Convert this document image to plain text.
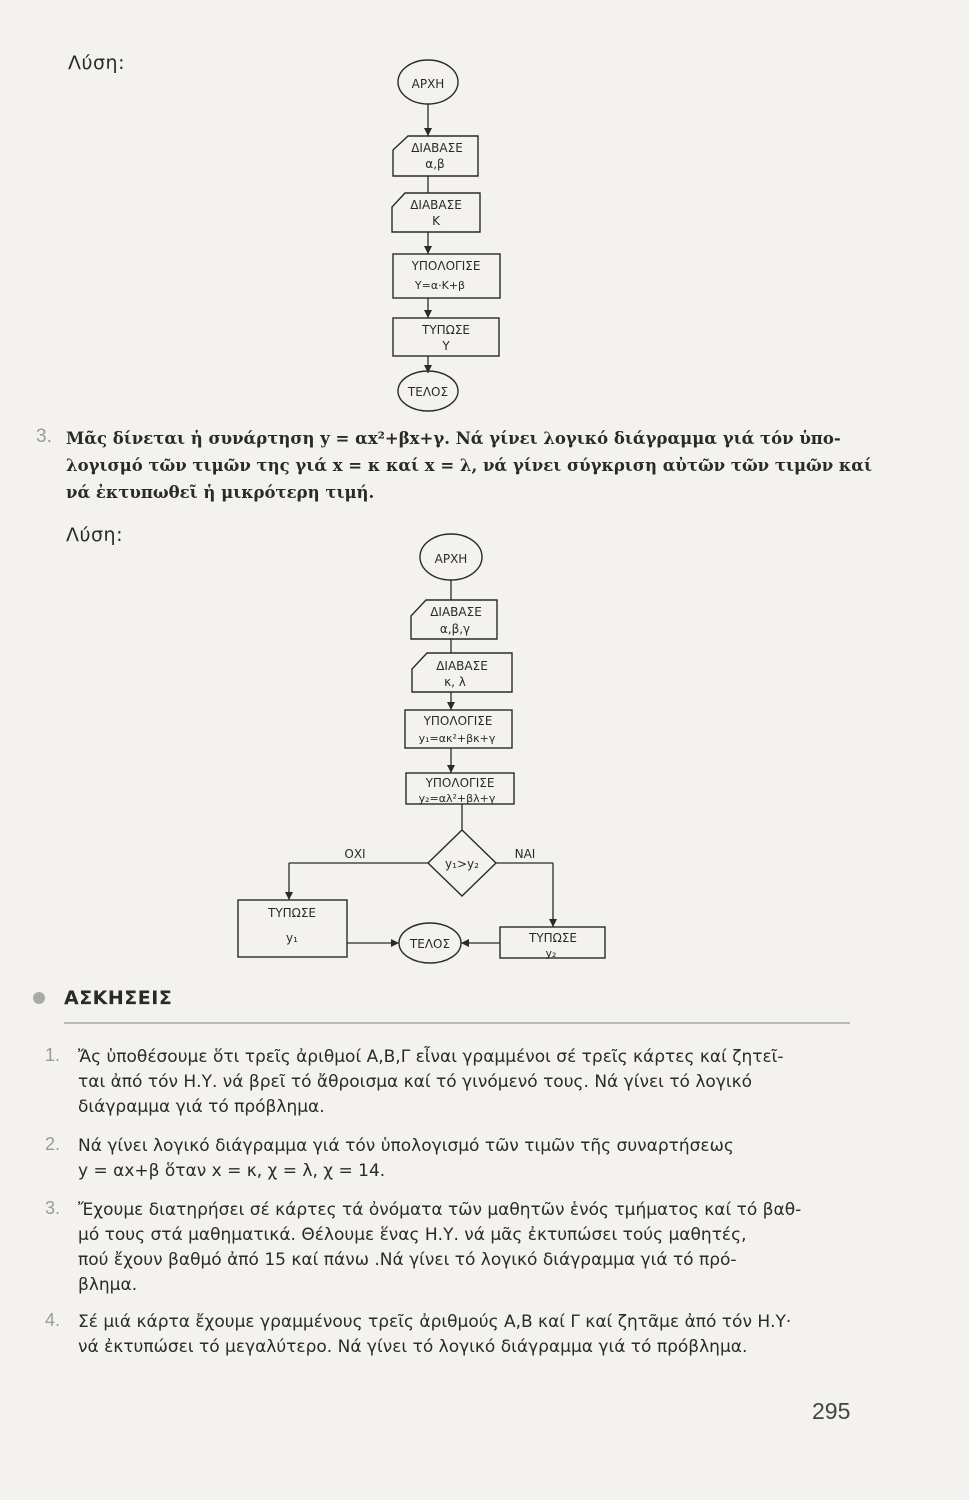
Λύση:
ΑΡΧΗ
ΔΙΑΒΑΣΕ
α,β
ΔΙΑΒΑΣΕ
Κ
ΥΠΟΛΟΓΙΣΕ
Υ=α·Κ+β
ΤΥΠΩΣΕ
Y
ΤΕΛΟΣ
3. Μᾶς δίνεται ἡ συνάρτηση y = αx²+βx+γ. Νά γίνει λογικό διάγραμμα γιά τόν ὑπο-
λογισμό τῶν τιμῶν της γιά x = κ καί x = λ, νά γίνει σύγκριση αὐτῶν τῶν τιμῶν καί
νά ἐκτυπωθεῖ ἡ μικρότερη τιμή.
Λύση:
ΑΡΧΗ
ΔΙΑΒΑΣΕ
α,β,γ
ΔΙΑΒΑΣΕ
κ, λ
ΥΠΟΛΟΓΙΣΕ
y₁=ακ²+βκ+γ
ΥΠΟΛΟΓΙΣΕ
y₂=αλ²+βλ+γ
y₁>y₂
ΟΧΙ	ΝΑΙ
ΤΥΠΩΣΕ
y₁	ΤΥΠΩΣΕ
y₂
ΤΕΛΟΣ
ΑΣΚΗΣΕΙΣ
1. Ἄς ὑποθέσουμε ὅτι τρεῖς ἀριθμοί Α,Β,Γ εἶναι γραμμένοι σέ τρεῖς κάρτες καί ζητεῖ-
ται ἀπό τόν Η.Υ. νά βρεῖ τό ἄθροισμα καί τό γινόμενό τους. Νά γίνει τό λογικό
διάγραμμα γιά τό πρόβλημα.
2. Νά γίνει λογικό διάγραμμα γιά τόν ὑπολογισμό τῶν τιμῶν τῆς συναρτήσεως
y = αx+β ὅταν x = κ, χ = λ, χ = 14.
3. Ἔχουμε διατηρήσει σέ κάρτες τά ὀνόματα τῶν μαθητῶν ἑνός τμήματος καί τό βαθ-
μό τους στά μαθηματικά. Θέλουμε ἕνας Η.Υ. νά μᾶς ἐκτυπώσει τούς μαθητές,
πού ἔχουν βαθμό ἀπό 15 καί πάνω .Νά γίνει τό λογικό διάγραμμα γιά τό πρό-
βλημα.
4. Σέ μιά κάρτα ἔχουμε γραμμένους τρεῖς ἀριθμούς Α,Β καί Γ καί ζητᾶμε ἀπό τόν Η.Υ·
νά ἐκτυπώσει τό μεγαλύτερο. Νά γίνει τό λογικό διάγραμμα γιά τό πρόβλημα.
295
